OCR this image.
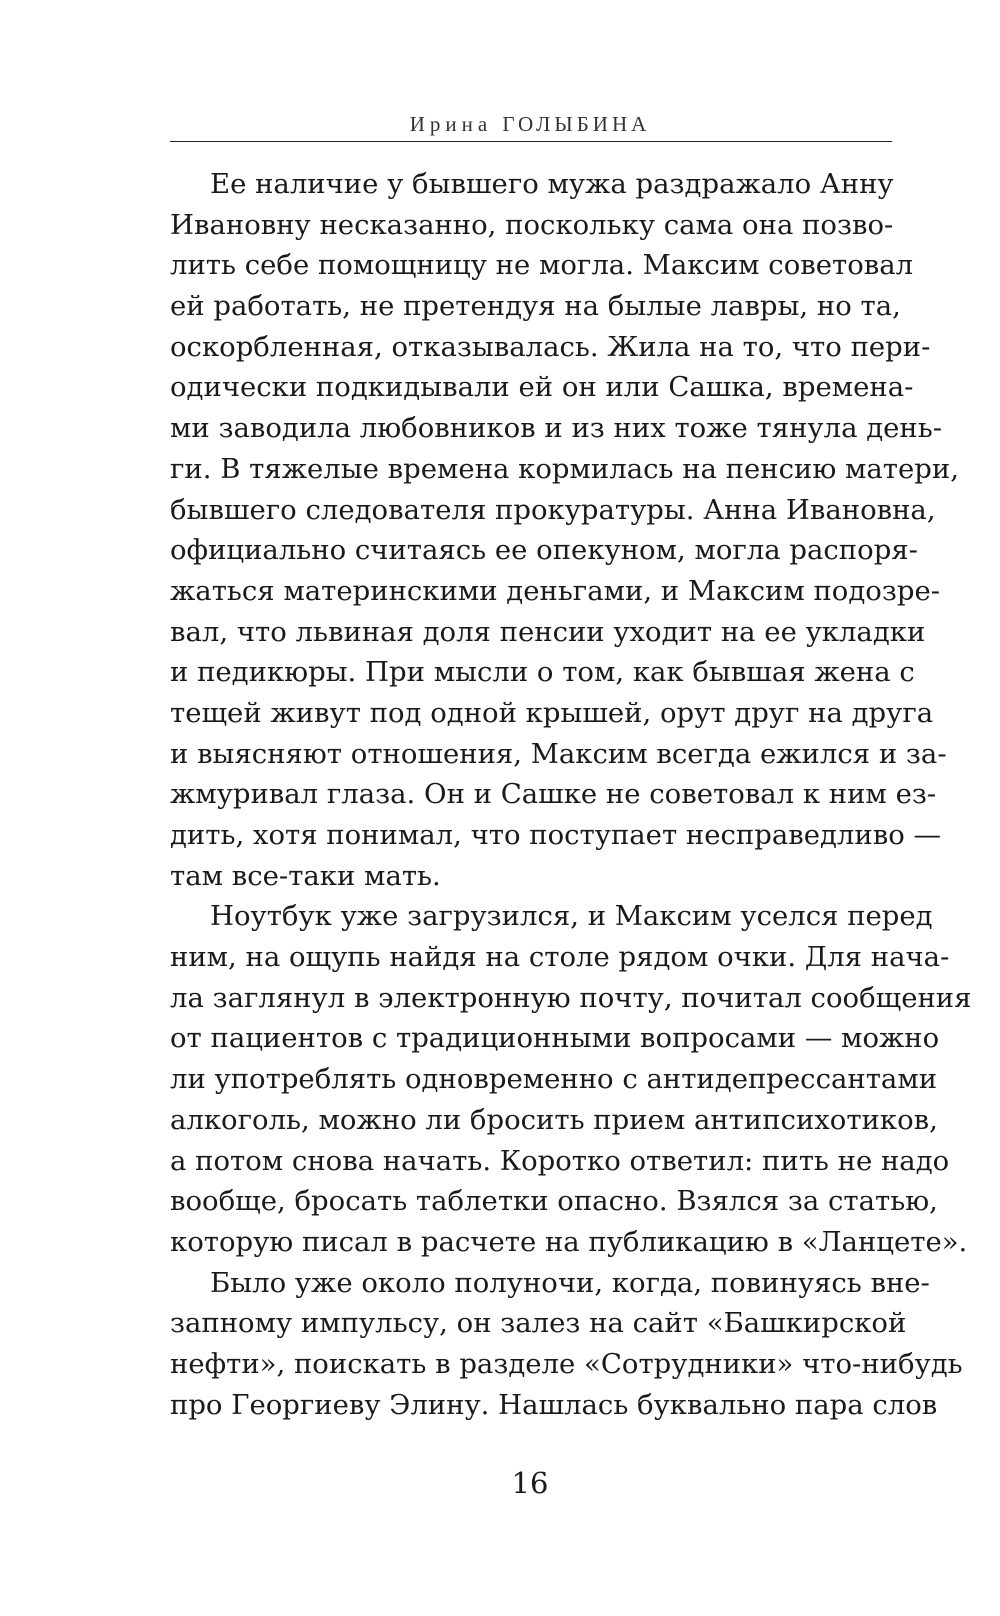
Ирина ГОЛЫБИНА
Ее наличие у бывшего мужа раздражало Анну
Ивановну несказанно, поскольку сама она позво-
лить себе помощницу не могла. Максим советовал
ей работать, не претендуя на былые лавры, но та,
оскорбленная, отказывалась. Жила на то, что пери-
одически подкидывали ей он или Сашка, времена-
ми заводила любовников и из них тоже тянула день-
ги. В тяжелые времена кормилась на пенсию матери,
бывшего следователя прокуратуры. Анна Ивановна,
официально считаясь ее опекуном, могла распоря-
жаться материнскими деньгами, и Максим подозре-
вал, что львиная доля пенсии уходит на ее укладки
и педикюры. При мысли о том, как бывшая жена с
тещей живут под одной крышей, орут друг на друга
и выясняют отношения, Максим всегда ежился и за-
жмуривал глаза. Он и Сашке не советовал к ним ез-
дить, хотя понимал, что поступает несправедливо —
там все-таки мать.
Ноутбук уже загрузился, и Максим уселся перед
ним, на ощупь найдя на столе рядом очки. Для нача-
ла заглянул в электронную почту, почитал сообщения
от пациентов с традиционными вопросами — можно
ли употреблять одновременно с антидепрессантами
алкоголь, можно ли бросить прием антипсихотиков,
а потом снова начать. Коротко ответил: пить не надо
вообще, бросать таблетки опасно. Взялся за статью,
которую писал в расчете на публикацию в «Ланцете».
Было уже около полуночи, когда, повинуясь вне-
запному импульсу, он залез на сайт «Башкирской
нефти», поискать в разделе «Сотрудники» что-нибудь
про Георгиеву Элину. Нашлась буквально пара слов
16
